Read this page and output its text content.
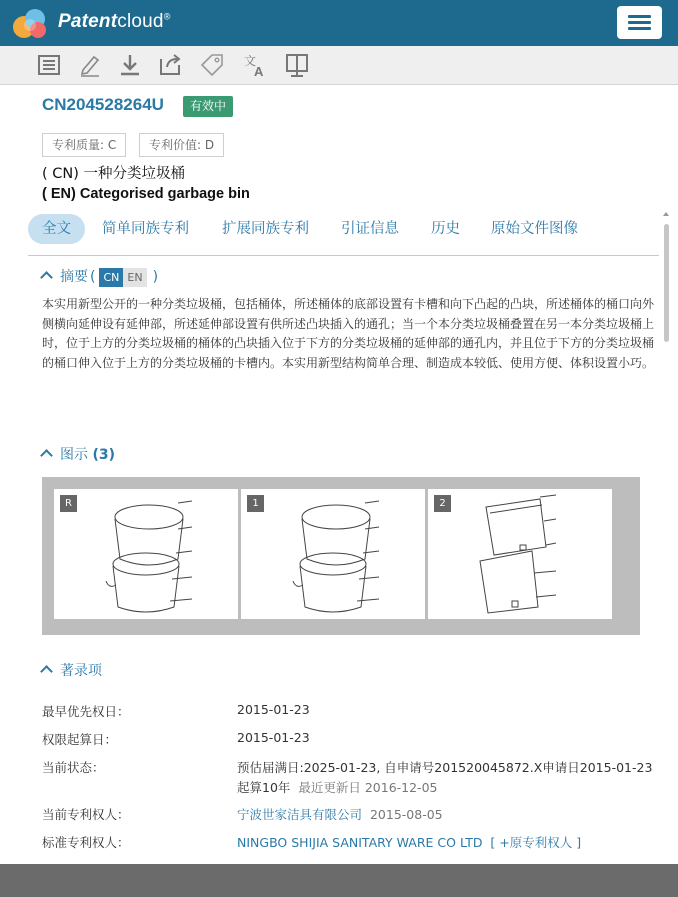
Patentcloud®
文
A
CN204528264U	有效中
专利质量: C	专利价值: D
( CN) 一种分类垃圾桶
( EN) Categorised garbage bin
全文	简单同族专利 扩展同族专利 引证信息 历史 原始文件图像
摘要 ( CN EN )
本实用新型公开的一种分类垃圾桶，包括桶体，所述桶体的底部设置有卡槽和向下凸起的凸块，所述桶体的桶口向外侧横向延伸设有延伸部，所述延伸部设置有供所述凸块插入的通孔；当一个本分类垃圾桶叠置在另一本分类垃圾桶上时，位于上方的分类垃圾桶的桶体的凸块插入位于下方的分类垃圾桶的延伸部的通孔内，并且位于下方的分类垃圾桶的桶口伸入位于上方的分类垃圾桶的卡槽内。本实用新型结构简单合理、制造成本较低、使用方便、体积设置小巧。
图示 (3)
R	1	2
著录项
最早优先权日：	2015-01-23
权限起算日：	2015-01-23
当前状态：	预估届满日:2025-01-23, 自申请号201520045872.X申请日2015-01-23
起算10年 最近更新日 2016-12-05
当前专利权人：	宁波世家洁具有限公司 2015-08-05
标准专利权人：	NINGBO SHIJIA SANITARY WARE CO LTD [ +原专利权人 ]
